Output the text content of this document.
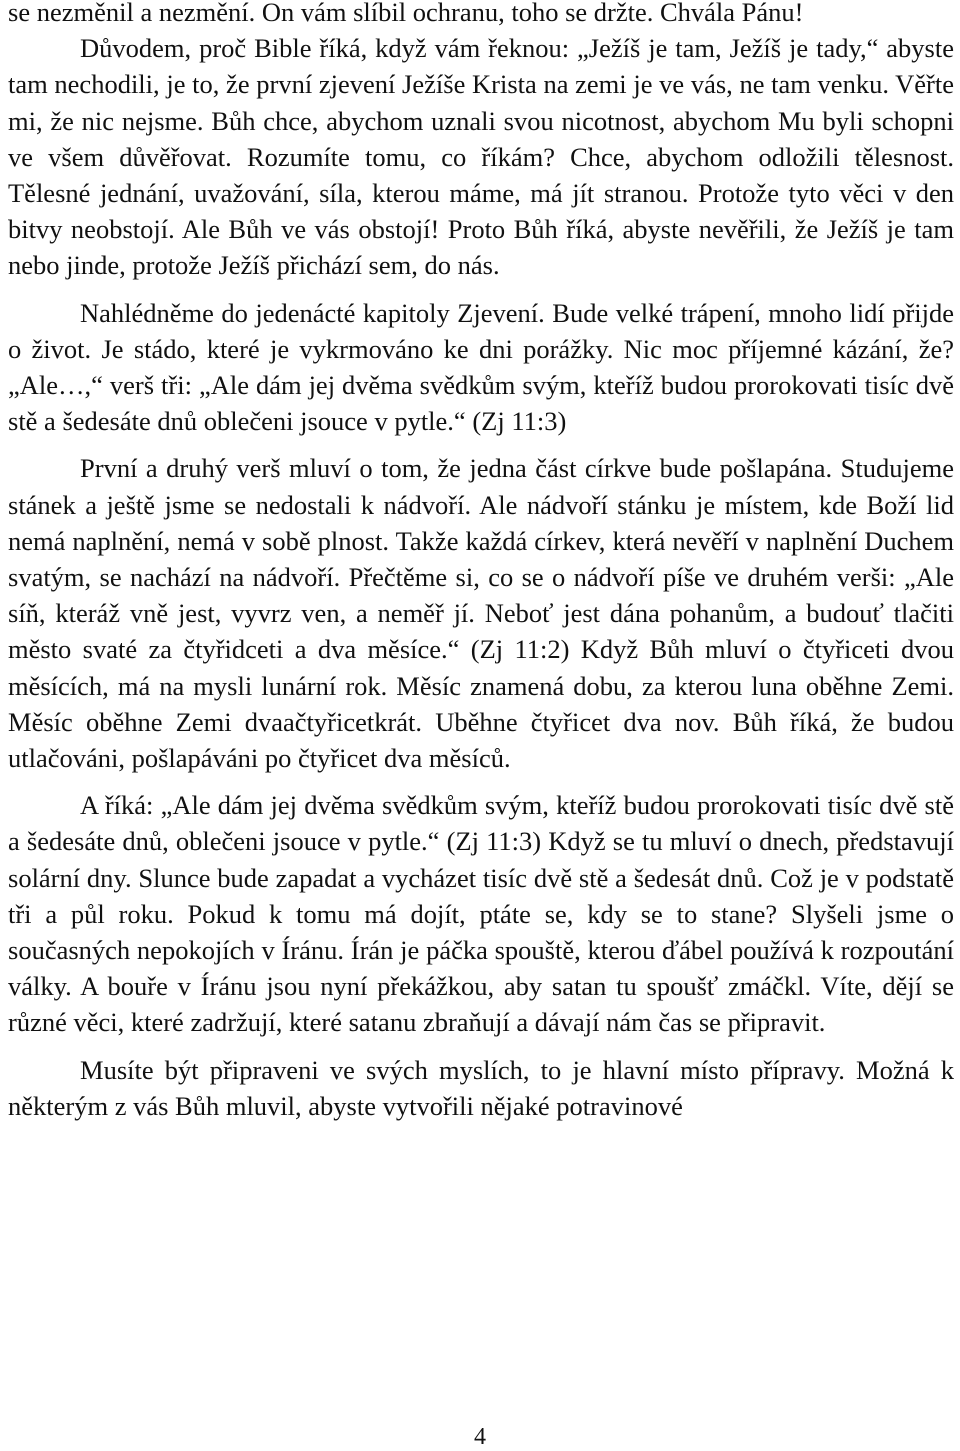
se nezměnil a nezmění. On vám slíbil ochranu, toho se držte. Chvála Pánu!

Důvodem, proč Bible říká, když vám řeknou: „Ježíš je tam, Ježíš je tady,“ abyste tam nechodili, je to, že první zjevení Ježíše Krista na zemi je ve vás, ne tam venku. Věřte mi, že nic nejsme. Bůh chce, abychom uznali svou nicotnost, abychom Mu byli schopni ve všem důvěřovat. Rozumíte tomu, co říkám? Chce, abychom odložili tělesnost. Tělesné jednání, uvažování, síla, kterou máme, má jít stranou. Protože tyto věci v den bitvy neobstojí. Ale Bůh ve vás obstojí! Proto Bůh říká, abyste nevěřili, že Ježíš je tam nebo jinde, protože Ježíš přichází sem, do nás.

Nahlédněme do jedenácté kapitoly Zjevení. Bude velké trápení, mnoho lidí přijde o život. Je stádo, které je vykrmováno ke dni porážky. Nic moc příjemné kázání, že? „Ale…,“ verš tři: „Ale dám jej dvěma svědkům svým, kteříž budou prorokovati tisíc dvě stě a šedesáte dnů oblečeni jsouce v pytle.“ (Zj 11:3)

První a druhý verš mluví o tom, že jedna část církve bude pošlapána. Studujeme stánek a ještě jsme se nedostali k nádvoří. Ale nádvoří stánku je místem, kde Boží lid nemá naplnění, nemá v sobě plnost. Takže každá církev, která nevěří v naplnění Duchem svatým, se nachází na nádvoří. Přečtěme si, co se o nádvoří píše ve druhém verši: „Ale síň, kteráž vně jest, vyvrz ven, a neměř jí. Neboť jest dána pohanům, a budouť tlačiti město svaté za čtyřidceti a dva měsíce.“ (Zj 11:2) Když Bůh mluví o čtyřiceti dvou měsících, má na mysli lunární rok. Měsíc znamená dobu, za kterou luna oběhne Zemi. Měsíc oběhne Zemi dvaačtyřicetkrát. Uběhne čtyřicet dva nov. Bůh říká, že budou utlačováni, pošlapáváni po čtyřicet dva měsíců.

A říká: „Ale dám jej dvěma svědkům svým, kteříž budou prorokovati tisíc dvě stě a šedesáte dnů, oblečeni jsouce v pytle.“ (Zj 11:3) Když se tu mluví o dnech, představují solární dny. Slunce bude zapadat a vycházet tisíc dvě stě a šedesát dnů. Což je v podstatě tři a půl roku. Pokud k tomu má dojít, ptáte se, kdy se to stane? Slyšeli jsme o současných nepokojích v Íránu. Írán je páčka spouště, kterou ďábel používá k rozpoutání války. A bouře v Íránu jsou nyní překážkou, aby satan tu spoušť zmáčkl. Víte, dějí se různé věci, které zadržují, které satanu zbraňují a dávají nám čas se připravit.

Musíte být připraveni ve svých myslích, to je hlavní místo přípravy. Možná k některým z vás Bůh mluvil, abyste vytvořili nějaké potravinové

4
